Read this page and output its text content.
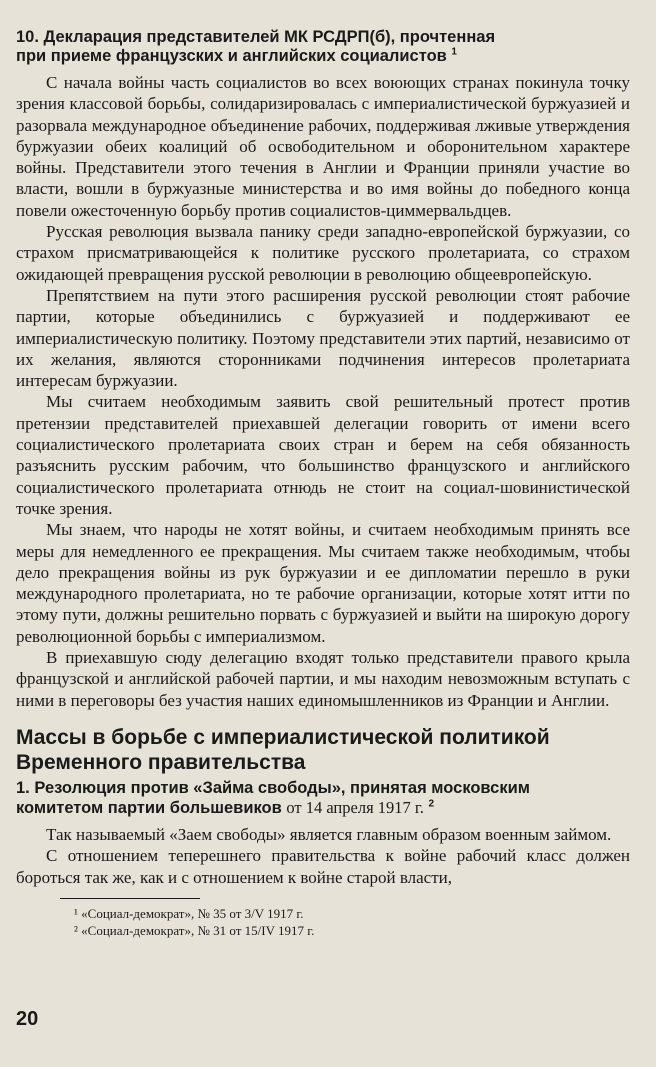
10. Декларация представителей МК РСДРП(б), прочтенная
при приеме французских и английских социалистов $^1$

С начала войны часть социалистов во всех воюющих странах покинула точку зрения классовой борьбы, солидаризировалась с империалистической буржуазией и разорвала международное объединение рабочих, поддерживая лживые утверждения буржуазии обеих коалиций об освободительном и оборонительном характере войны. Представители этого течения в Англии и Франции приняли участие во власти, вошли в буржуазные министерства и во имя войны до победного конца повели ожесточенную борьбу против социалистов-циммервальдцев.

Русская революция вызвала панику среди западно-европейской буржуазии, со страхом присматривающейся к политике русского пролетариата, со страхом ожидающей превращения русской революции в революцию общеевропейскую.

Препятствием на пути этого расширения русской революции стоят рабочие партии, которые объединились с буржуазией и поддерживают ее империалистическую политику. Поэтому представители этих партий, независимо от их желания, являются сторонниками подчинения интересов пролетариата интересам буржуазии.

Мы считаем необходимым заявить свой решительный протест против претензии представителей приехавшей делегации говорить от имени всего социалистического пролетариата своих стран и берем на себя обязанность разъяснить русским рабочим, что большинство французского и английского социалистического пролетариата отнюдь не стоит на социал-шовинистической точке зрения.

Мы знаем, что народы не хотят войны, и считаем необходимым принять все меры для немедленного ее прекращения. Мы считаем также необходимым, чтобы дело прекращения войны из рук буржуазии и ее дипломатии перешло в руки международного пролетариата, но те рабочие организации, которые хотят итти по этому пути, должны решительно порвать с буржуазией и выйти на широкую дорогу революционной борьбы с империализмом.

В приехавшую сюду делегацию входят только представители правого крыла французской и английской рабочей партии, и мы находим невозможным вступать с ними в переговоры без участия наших единомышленников из Франции и Англии.

Массы в борьбе с империалистической политикой
Временного правительства
1. Резолюция против «Займа свободы», принятая московским
комитетом партии большевиков от 14 апреля 1917 г. $^2$

Так называемый «Заем свободы» является главным образом военным займом.

С отношением теперешнего правительства к войне рабочий класс должен бороться так же, как и с отношением к войне старой власти,

¹ «Социал-демократ», № 35 от 3/V 1917 г.
² «Социал-демократ», № 31 от 15/IV 1917 г.
20
